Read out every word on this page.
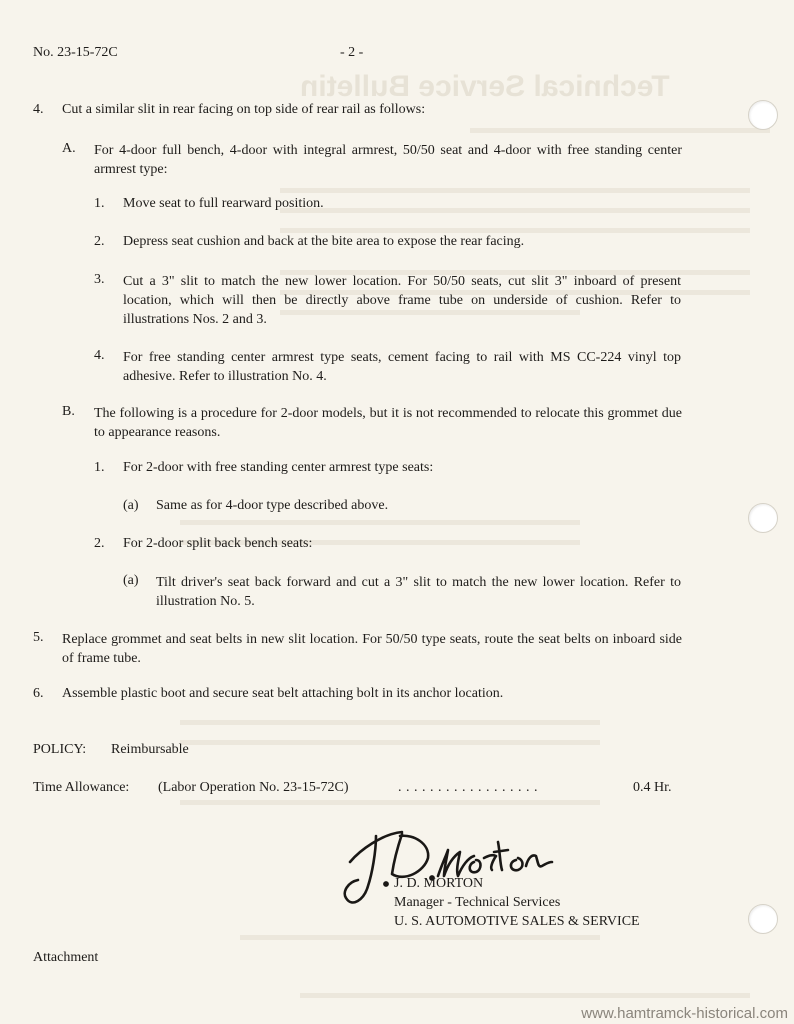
Technical Service Bulletin
No. 23-15-72C	- 2 -
4. Cut a similar slit in rear facing on top side of rear rail as follows:
A. For 4-door full bench, 4-door with integral armrest, 50/50 seat and 4-door with free standing center armrest type:
1. Move seat to full rearward position.
2. Depress seat cushion and back at the bite area to expose the rear facing.
3. Cut a 3" slit to match the new lower location. For 50/50 seats, cut slit 3" inboard of present location, which will then be directly above frame tube on underside of cushion. Refer to illustrations Nos. 2 and 3.
4. For free standing center armrest type seats, cement facing to rail with MS CC-224 vinyl top adhesive. Refer to illustration No. 4.
B. The following is a procedure for 2-door models, but it is not recommended to relocate this grommet due to appearance reasons.
1. For 2-door with free standing center armrest type seats:
(a) Same as for 4-door type described above.
2. For 2-door split back bench seats:
(a) Tilt driver's seat back forward and cut a 3" slit to match the new lower location. Refer to illustration No. 5.
5. Replace grommet and seat belts in new slit location. For 50/50 type seats, route the seat belts on inboard side of frame tube.
6. Assemble plastic boot and secure seat belt attaching bolt in its anchor location.
POLICY: Reimbursable
Time Allowance: (Labor Operation No. 23-15-72C)	. . . . . . . . . . . . . . . . . .	0.4 Hr.
J. D. MORTON
Manager - Technical Services
U. S. AUTOMOTIVE SALES & SERVICE
Attachment
www.hamtramck-historical.com
